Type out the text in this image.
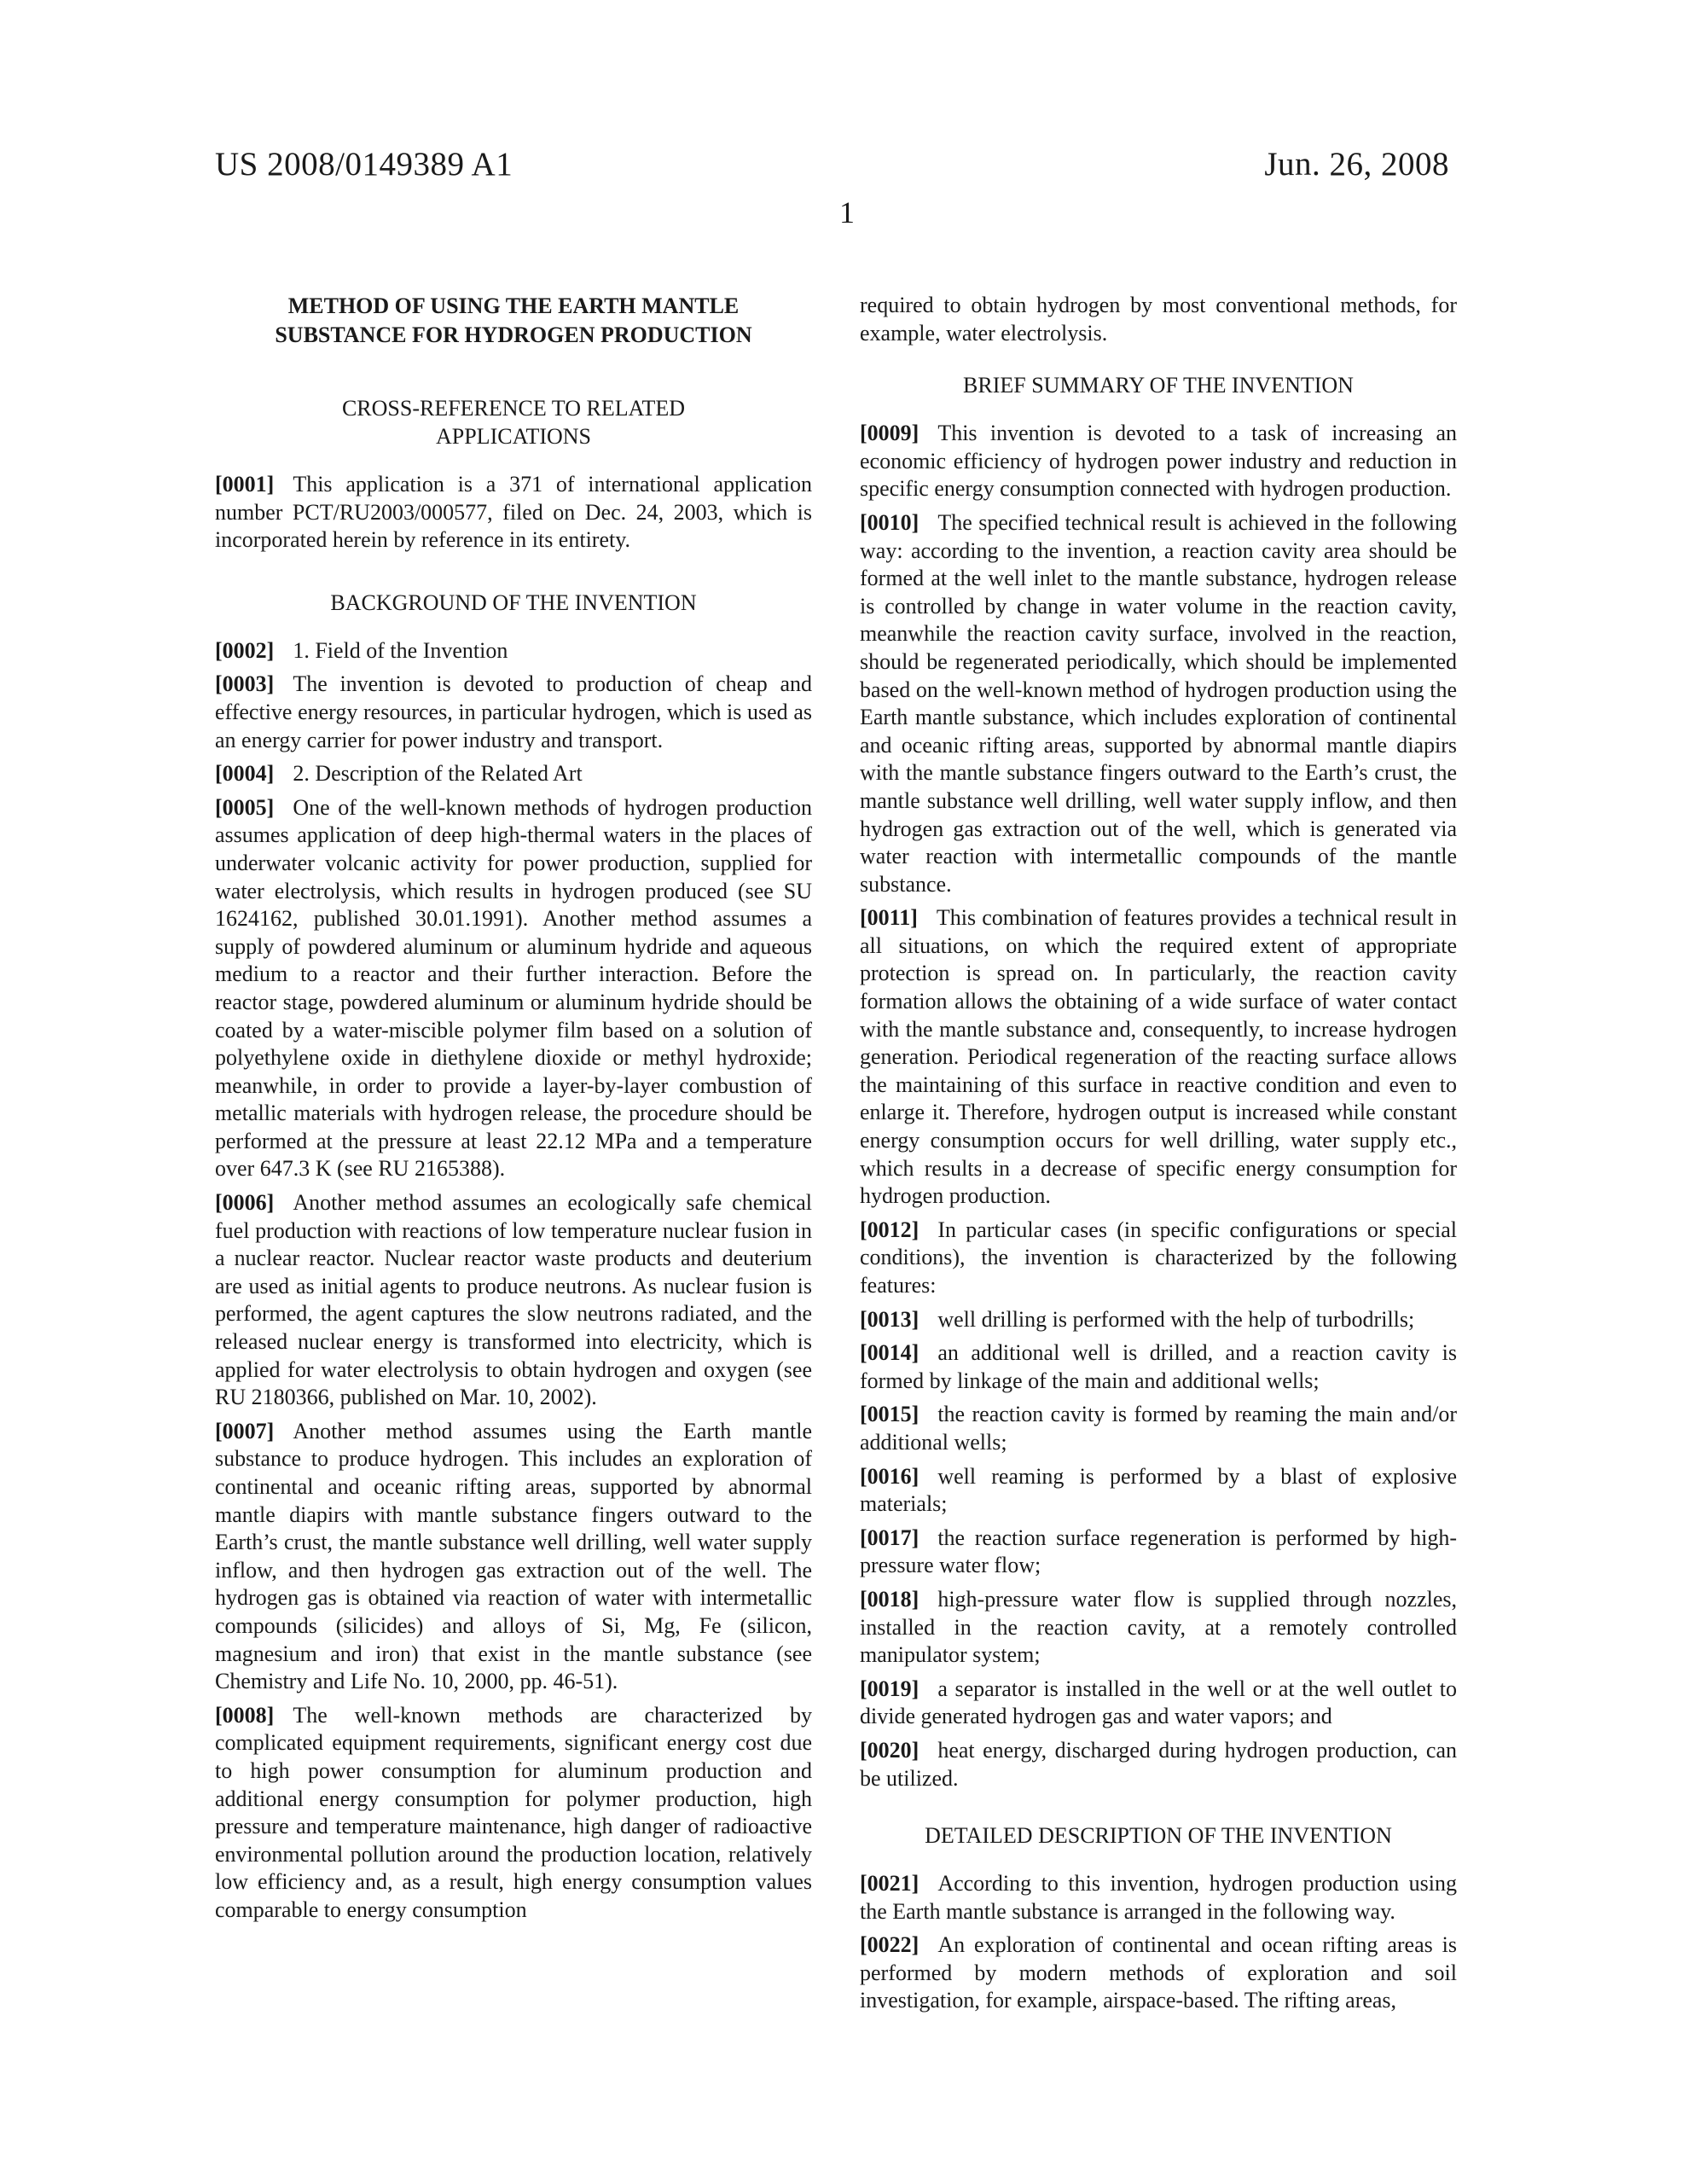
US 2008/0149389 A1	Jun. 26, 2008
1
METHOD OF USING THE EARTH MANTLE SUBSTANCE FOR HYDROGEN PRODUCTION
CROSS-REFERENCE TO RELATED APPLICATIONS

[0001] This application is a 371 of international application number PCT/RU2003/000577, filed on Dec. 24, 2003, which is incorporated herein by reference in its entirety.

BACKGROUND OF THE INVENTION

[0002] 1. Field of the Invention

[0003] The invention is devoted to production of cheap and effective energy resources, in particular hydrogen, which is used as an energy carrier for power industry and transport.

[0004] 2. Description of the Related Art

[0005] One of the well-known methods of hydrogen production assumes application of deep high-thermal waters in the places of underwater volcanic activity for power production, supplied for water electrolysis, which results in hydrogen produced (see SU 1624162, published 30.01.1991). Another method assumes a supply of powdered aluminum or aluminum hydride and aqueous medium to a reactor and their further interaction. Before the reactor stage, powdered aluminum or aluminum hydride should be coated by a water-miscible polymer film based on a solution of polyethylene oxide in diethylene dioxide or methyl hydroxide; meanwhile, in order to provide a layer-by-layer combustion of metallic materials with hydrogen release, the procedure should be performed at the pressure at least 22.12 MPa and a temperature over 647.3 K (see RU 2165388).

[0006] Another method assumes an ecologically safe chemical fuel production with reactions of low temperature nuclear fusion in a nuclear reactor. Nuclear reactor waste products and deuterium are used as initial agents to produce neutrons. As nuclear fusion is performed, the agent captures the slow neutrons radiated, and the released nuclear energy is transformed into electricity, which is applied for water electrolysis to obtain hydrogen and oxygen (see RU 2180366, published on Mar. 10, 2002).

[0007] Another method assumes using the Earth mantle substance to produce hydrogen. This includes an exploration of continental and oceanic rifting areas, supported by abnormal mantle diapirs with mantle substance fingers outward to the Earth’s crust, the mantle substance well drilling, well water supply inflow, and then hydrogen gas extraction out of the well. The hydrogen gas is obtained via reaction of water with intermetallic compounds (silicides) and alloys of Si, Mg, Fe (silicon, magnesium and iron) that exist in the mantle substance (see Chemistry and Life No. 10, 2000, pp. 46-51).

[0008] The well-known methods are characterized by complicated equipment requirements, significant energy cost due to high power consumption for aluminum production and additional energy consumption for polymer production, high pressure and temperature maintenance, high danger of radioactive environmental pollution around the production location, relatively low efficiency and, as a result, high energy consumption values comparable to energy consumption

required to obtain hydrogen by most conventional methods, for example, water electrolysis.

BRIEF SUMMARY OF THE INVENTION

[0009] This invention is devoted to a task of increasing an economic efficiency of hydrogen power industry and reduction in specific energy consumption connected with hydrogen production.

[0010] The specified technical result is achieved in the following way: according to the invention, a reaction cavity area should be formed at the well inlet to the mantle substance, hydrogen release is controlled by change in water volume in the reaction cavity, meanwhile the reaction cavity surface, involved in the reaction, should be regenerated periodically, which should be implemented based on the well-known method of hydrogen production using the Earth mantle substance, which includes exploration of continental and oceanic rifting areas, supported by abnormal mantle diapirs with the mantle substance fingers outward to the Earth’s crust, the mantle substance well drilling, well water supply inflow, and then hydrogen gas extraction out of the well, which is generated via water reaction with intermetallic compounds of the mantle substance.

[0011] This combination of features provides a technical result in all situations, on which the required extent of appropriate protection is spread on. In particularly, the reaction cavity formation allows the obtaining of a wide surface of water contact with the mantle substance and, consequently, to increase hydrogen generation. Periodical regeneration of the reacting surface allows the maintaining of this surface in reactive condition and even to enlarge it. Therefore, hydrogen output is increased while constant energy consumption occurs for well drilling, water supply etc., which results in a decrease of specific energy consumption for hydrogen production.

[0012] In particular cases (in specific configurations or special conditions), the invention is characterized by the following features:

[0013] well drilling is performed with the help of turbodrills;

[0014] an additional well is drilled, and a reaction cavity is formed by linkage of the main and additional wells;

[0015] the reaction cavity is formed by reaming the main and/or additional wells;

[0016] well reaming is performed by a blast of explosive materials;

[0017] the reaction surface regeneration is performed by high-pressure water flow;

[0018] high-pressure water flow is supplied through nozzles, installed in the reaction cavity, at a remotely controlled manipulator system;

[0019] a separator is installed in the well or at the well outlet to divide generated hydrogen gas and water vapors; and

[0020] heat energy, discharged during hydrogen production, can be utilized.

DETAILED DESCRIPTION OF THE INVENTION

[0021] According to this invention, hydrogen production using the Earth mantle substance is arranged in the following way.

[0022] An exploration of continental and ocean rifting areas is performed by modern methods of exploration and soil investigation, for example, airspace-based. The rifting areas,
